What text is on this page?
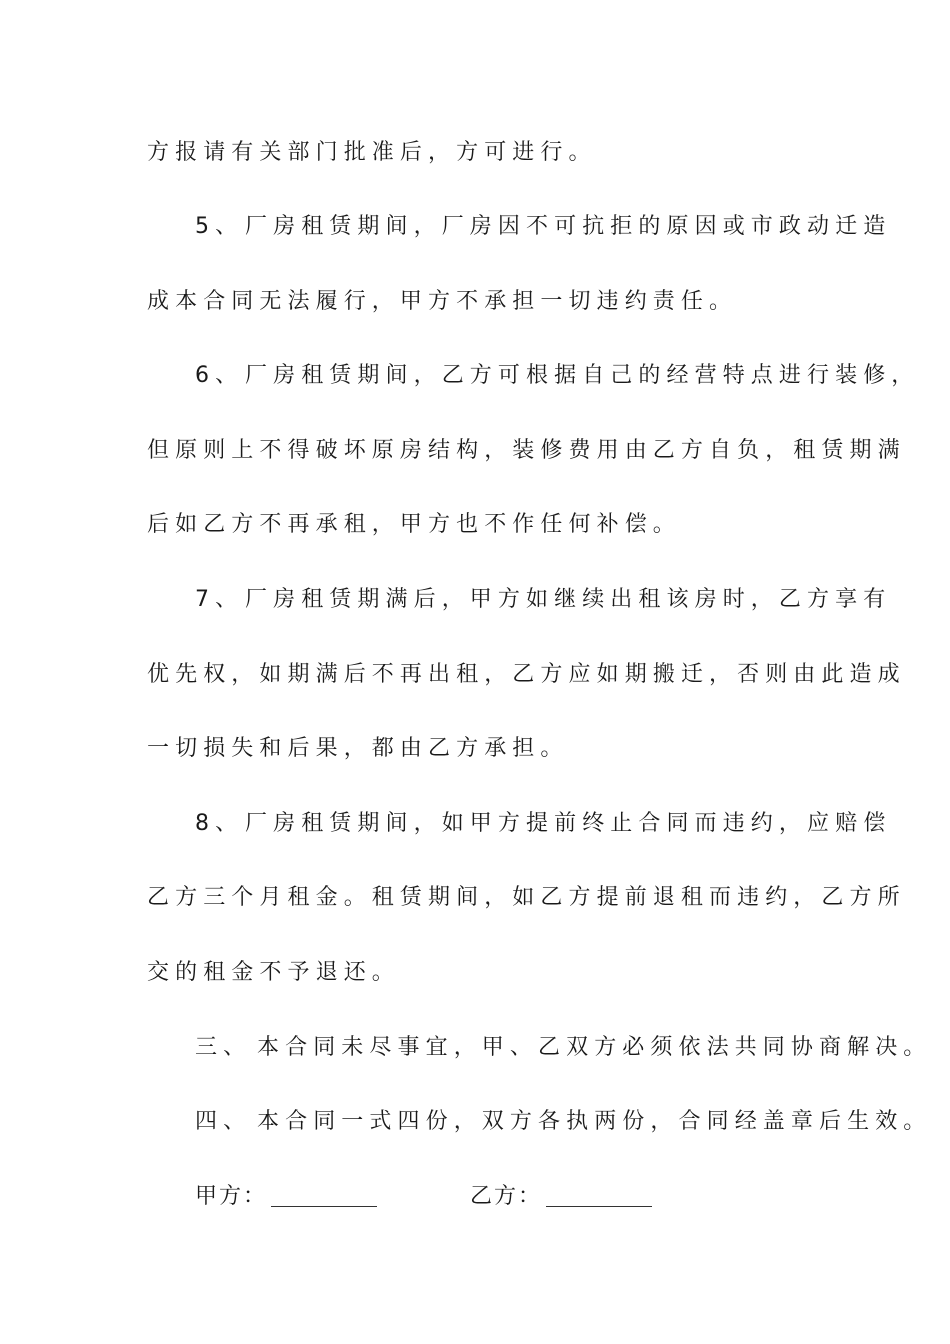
方报请有关部门批准后，方可进行。
5、厂房租赁期间，厂房因不可抗拒的原因或市政动迁造
成本合同无法履行，甲方不承担一切违约责任。
6、厂房租赁期间，乙方可根据自己的经营特点进行装修，
但原则上不得破坏原房结构，装修费用由乙方自负，租赁期满
后如乙方不再承租，甲方也不作任何补偿。
7、厂房租赁期满后，甲方如继续出租该房时，乙方享有
优先权，如期满后不再出租，乙方应如期搬迁，否则由此造成
一切损失和后果，都由乙方承担。
8、厂房租赁期间，如甲方提前终止合同而违约，应赔偿
乙方三个月租金。租赁期间，如乙方提前退租而违约，乙方所
交的租金不予退还。
三、 本合同未尽事宜，甲、乙双方必须依法共同协商解决。
四、 本合同一式四份，双方各执两份，合同经盖章后生效。
甲方：	乙方：
